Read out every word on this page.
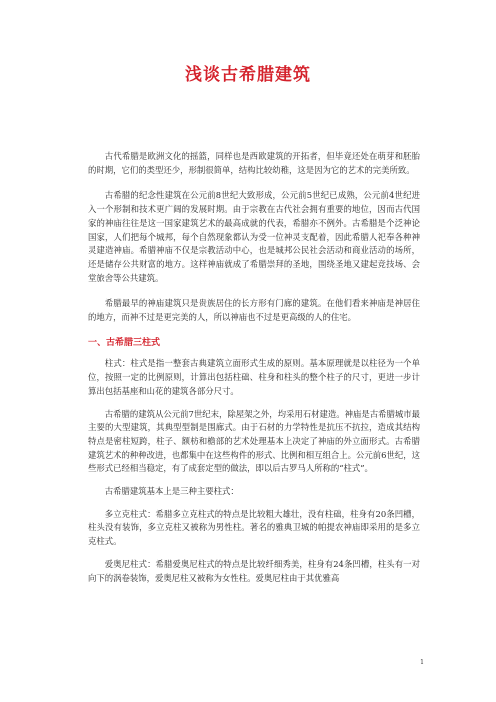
浅谈古希腊建筑

古代希腊是欧洲文化的摇篮，同样也是西欧建筑的开拓者，但毕竟还处在萌芽和胚胎的时期，它们的类型还少，形制很简单，结构比较幼稚，这是因为它的艺术的完美所致。

古希腊的纪念性建筑在公元前8世纪大致形成，公元前5世纪已成熟，公元前4世纪进入一个形制和技术更广阔的发展时期。由于宗教在古代社会拥有重要的地位，因而古代国家的神庙往往是这一国家建筑艺术的最高成就的代表，希腊亦不例外。古希腊是个泛神论国家，人们把每个城邦，每个自然现象都认为受一位神灵支配着，因此希腊人祀奉各种神灵建造神庙。希腊神庙不仅是宗教活动中心，也是城邦公民社会活动和商业活动的场所，还是储存公共财富的地方。这样神庙就成了希腊崇拜的圣地，围绕圣地又建起竞技场、会堂旅舍等公共建筑。

希腊最早的神庙建筑只是贵族居住的长方形有门廊的建筑。在他们看来神庙是神居住的地方，而神不过是更完美的人，所以神庙也不过是更高级的人的住宅。

一、古希腊三柱式

柱式：柱式是指一整套古典建筑立面形式生成的原则。基本原理就是以柱径为一个单位，按照一定的比例原则，计算出包括柱础、柱身和柱头的整个柱子的尺寸，更进一步计算出包括基座和山花的建筑各部分尺寸。

古希腊的建筑从公元前7世纪末，除屋架之外，均采用石材建造。神庙是古希腊城市最主要的大型建筑，其典型型制是围廊式。由于石材的力学特性是抗压不抗拉，造成其结构特点是密柱短跨，柱子、额枋和檐部的艺术处理基本上决定了神庙的外立面形式。古希腊建筑艺术的种种改进，也都集中在这些构件的形式、比例和相互组合上。公元前6世纪，这些形式已经相当稳定，有了成套定型的做法，即以后古罗马人所称的“柱式”。

古希腊建筑基本上是三种主要柱式：

多立克柱式：希腊多立克柱式的特点是比较粗大雄壮，没有柱础，柱身有20条凹槽，柱头没有装饰，多立克柱又被称为男性柱。著名的雅典卫城的帕提农神庙即采用的是多立克柱式。

爱奥尼柱式：希腊爱奥尼柱式的特点是比较纤细秀美，柱身有24条凹槽，柱头有一对向下的涡卷装饰，爱奥尼柱又被称为女性柱。爱奥尼柱由于其优雅高

1
